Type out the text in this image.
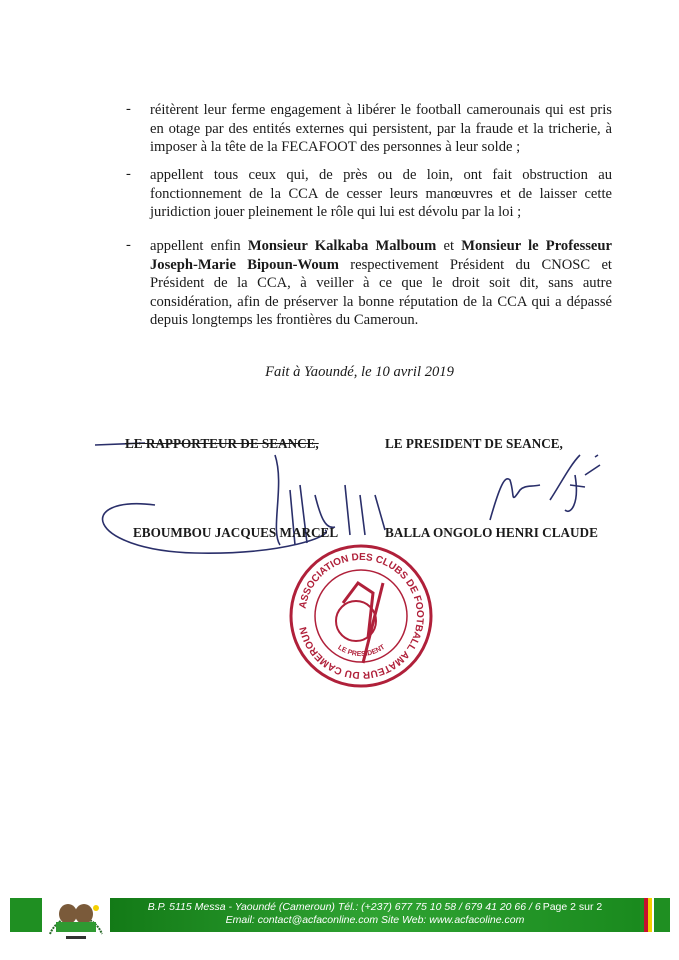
- réitèrent leur ferme engagement à libérer le football camerounais qui est pris en otage par des entités externes qui persistent, par la fraude et la tricherie, à imposer à la tête de la FECAFOOT des personnes à leur solde ;
- appellent tous ceux qui, de près ou de loin, ont fait obstruction au fonctionnement de la CCA de cesser leurs manœuvres et de laisser cette juridiction jouer pleinement le rôle qui lui est dévolu par la loi ;
- appellent enfin Monsieur Kalkaba Malboum et Monsieur le Professeur Joseph-Marie Bipoun-Woum respectivement Président du CNOSC et Président de la CCA, à veiller à ce que le droit soit dit, sans autre considération, afin de préserver la bonne réputation de la CCA qui a dépassé depuis longtemps les frontières du Cameroun.
Fait à Yaoundé, le 10 avril 2019
LE RAPPORTEUR DE SEANCE,	LE PRESIDENT DE SEANCE,
EBOUMBOU JACQUES MARCEL	BALLA ONGOLO HENRI CLAUDE
ASSOCIATION DES CLUBS DE FOOTBALL AMATEUR DU CAMEROUN
LE PRESIDENT
B.P. 5115 Messa - Yaoundé (Cameroun) Tél.: (+237) 677 75 10 58 / 679 41 20 66 / 6 Page 2 sur 2
Email: contact@acfaconline.com Site Web: www.acfacoline.com
